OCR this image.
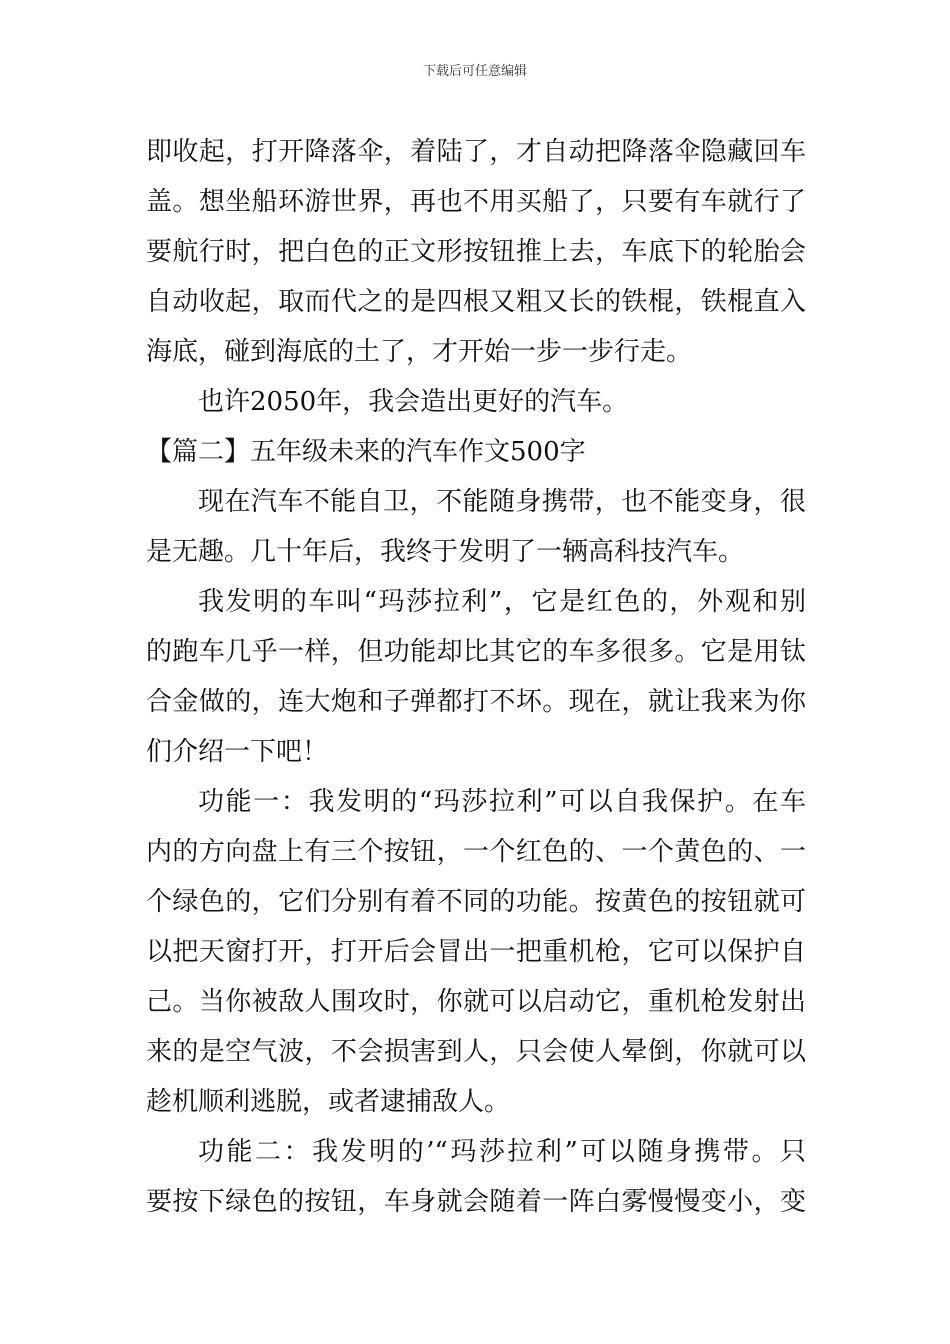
下载后可任意编辑
即收起，打开降落伞，着陆了，才自动把降落伞隐藏回车
盖。想坐船环游世界，再也不用买船了，只要有车就行了
要航行时，把白色的正文形按钮推上去，车底下的轮胎会
自动收起，取而代之的是四根又粗又长的铁棍，铁棍直入
海底，碰到海底的土了，才开始一步一步行走。
也许2050年，我会造出更好的汽车。
【篇二】五年级未来的汽车作文500字
现在汽车不能自卫，不能随身携带，也不能变身，很
是无趣。几十年后，我终于发明了一辆高科技汽车。
我发明的车叫“玛莎拉利”，它是红色的，外观和别
的跑车几乎一样，但功能却比其它的车多很多。它是用钛
合金做的，连大炮和子弹都打不坏。现在，就让我来为你
们介绍一下吧！
功能一：我发明的“玛莎拉利”可以自我保护。在车
内的方向盘上有三个按钮，一个红色的、一个黄色的、一
个绿色的，它们分别有着不同的功能。按黄色的按钮就可
以把天窗打开，打开后会冒出一把重机枪，它可以保护自
己。当你被敌人围攻时，你就可以启动它，重机枪发射出
来的是空气波，不会损害到人，只会使人晕倒，你就可以
趁机顺利逃脱，或者逮捕敌人。
功能二：我发明的’“玛莎拉利”可以随身携带。只
要按下绿色的按钮，车身就会随着一阵白雾慢慢变小，变
